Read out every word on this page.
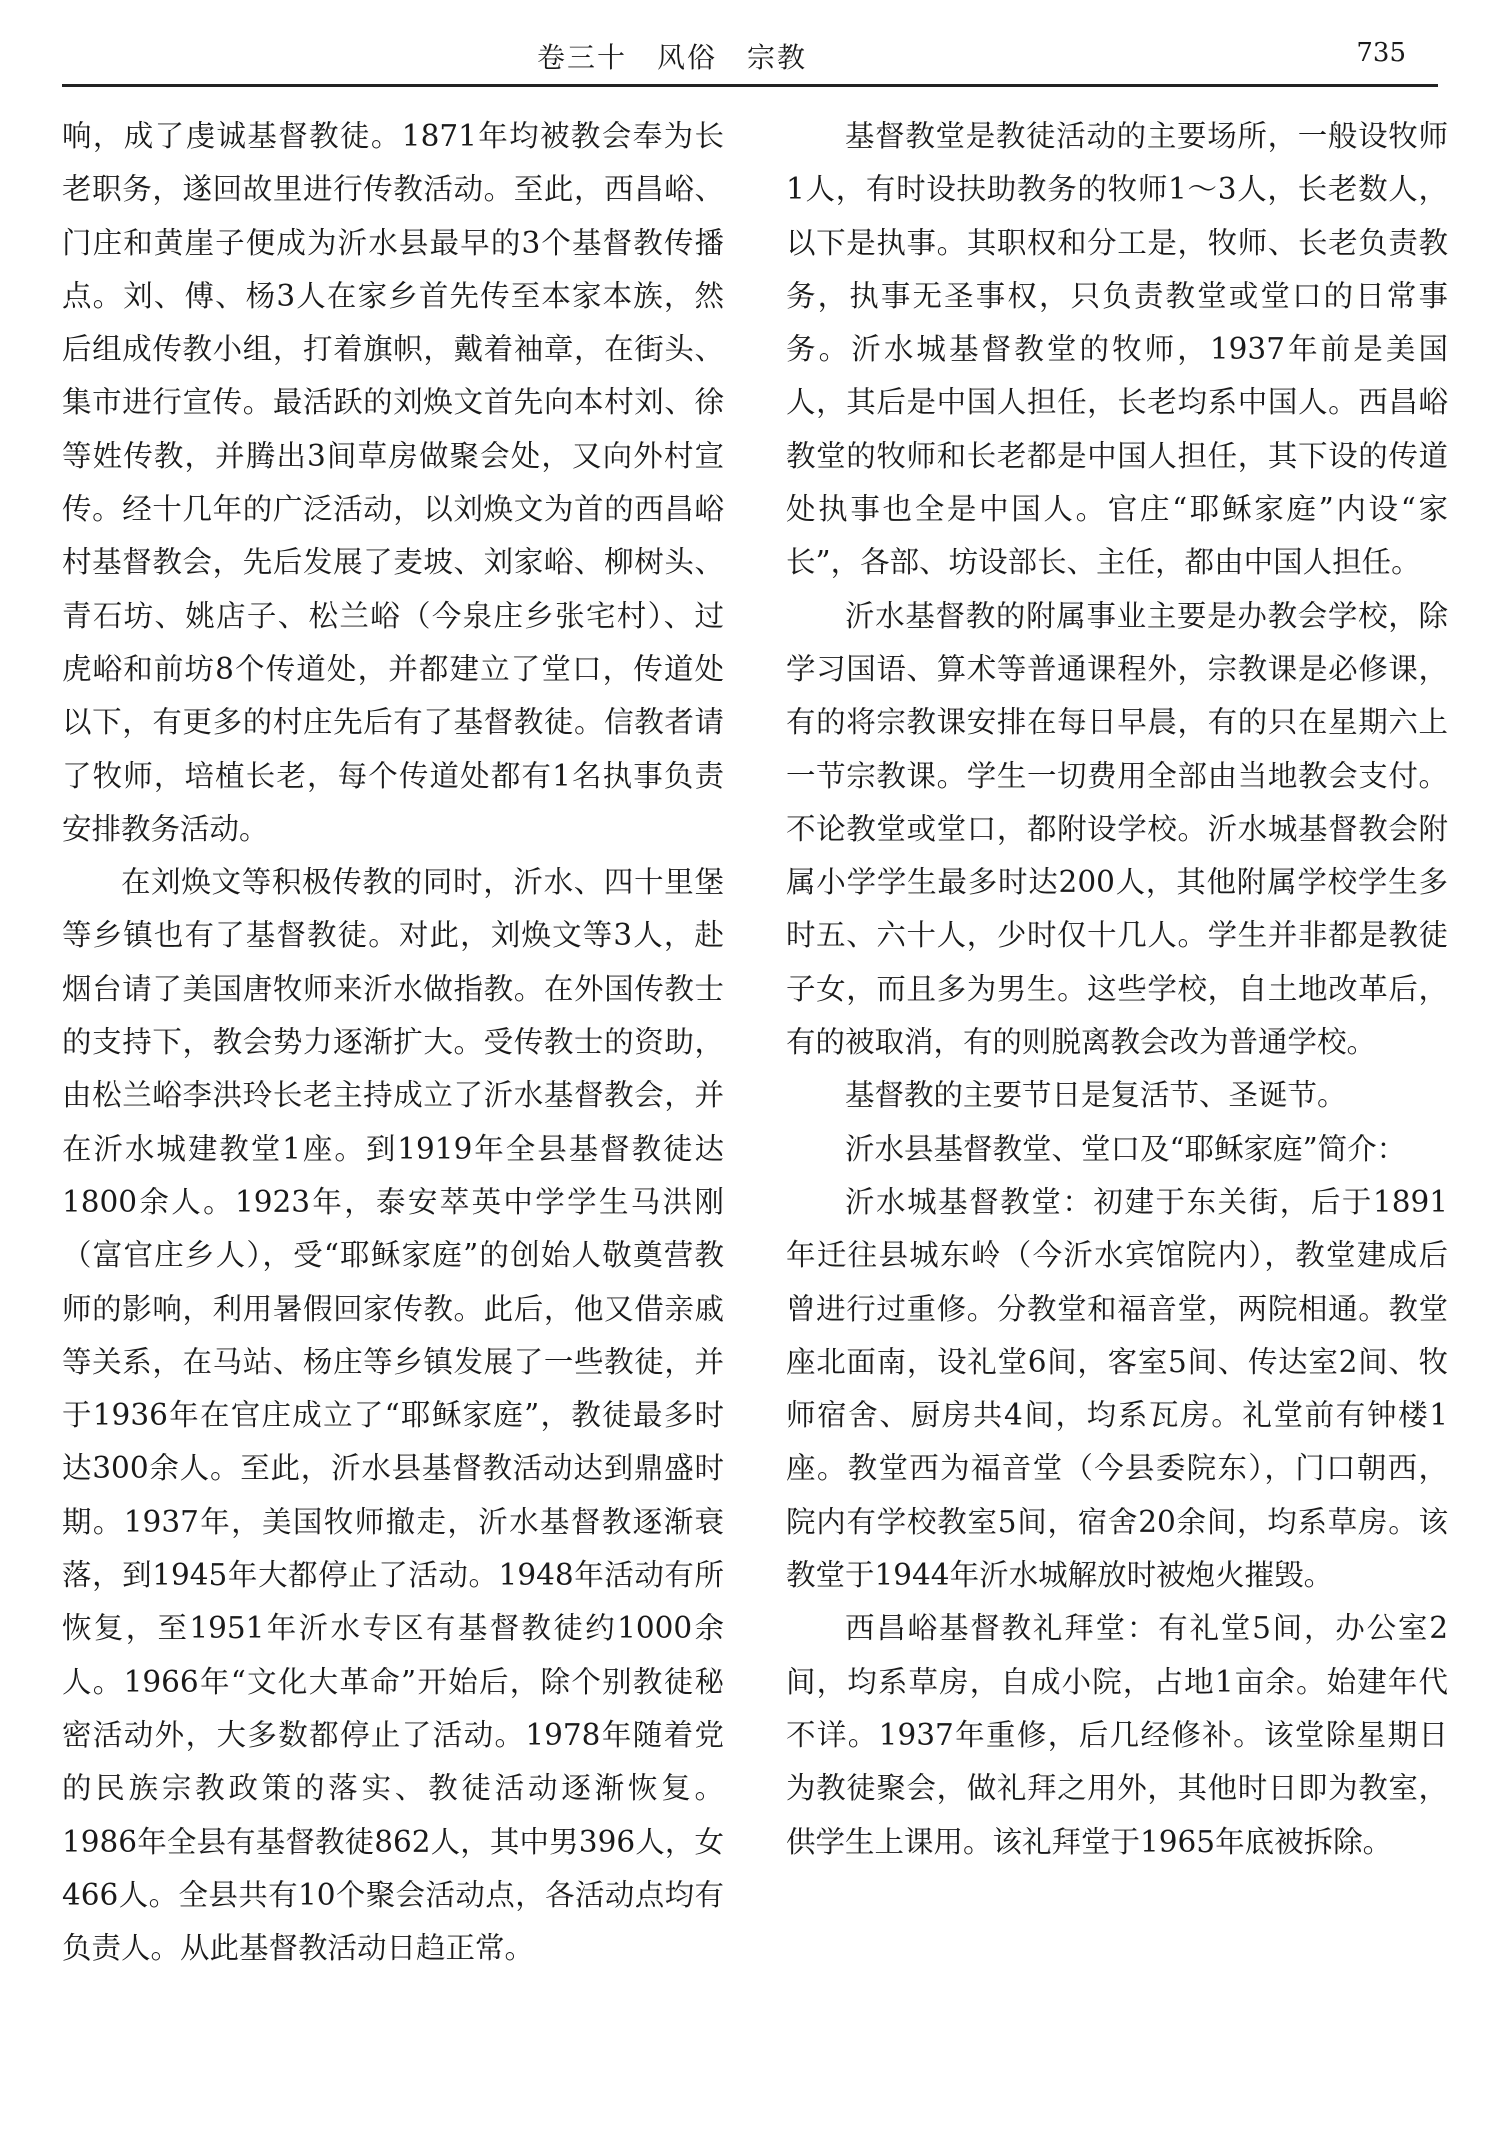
卷三十　风俗　宗教	735

响，成了虔诚基督教徒。1871年均被教会奉为长老职务，遂回故里进行传教活动。至此，西昌峪、门庄和黄崖子便成为沂水县最早的3个基督教传播点。刘、傅、杨3人在家乡首先传至本家本族，然后组成传教小组，打着旗帜，戴着袖章，在街头、集市进行宣传。最活跃的刘焕文首先向本村刘、徐等姓传教，并腾出3间草房做聚会处，又向外村宣传。经十几年的广泛活动，以刘焕文为首的西昌峪村基督教会，先后发展了麦坡、刘家峪、柳树头、青石坊、姚店子、松兰峪（今泉庄乡张宅村）、过虎峪和前坊8个传道处，并都建立了堂口，传道处以下，有更多的村庄先后有了基督教徒。信教者请了牧师，培植长老，每个传道处都有1名执事负责安排教务活动。

在刘焕文等积极传教的同时，沂水、四十里堡等乡镇也有了基督教徒。对此，刘焕文等3人，赴烟台请了美国唐牧师来沂水做指教。在外国传教士的支持下，教会势力逐渐扩大。受传教士的资助，由松兰峪李洪玲长老主持成立了沂水基督教会，并在沂水城建教堂1座。到1919年全县基督教徒达1800余人。1923年，泰安萃英中学学生马洪刚（富官庄乡人），受“耶稣家庭”的创始人敬奠营教师的影响，利用暑假回家传教。此后，他又借亲戚等关系，在马站、杨庄等乡镇发展了一些教徒，并于1936年在官庄成立了“耶稣家庭”，教徒最多时达300余人。至此，沂水县基督教活动达到鼎盛时期。1937年，美国牧师撤走，沂水基督教逐渐衰落，到1945年大都停止了活动。1948年活动有所恢复，至1951年沂水专区有基督教徒约1000余人。1966年“文化大革命”开始后，除个别教徒秘密活动外，大多数都停止了活动。1978年随着党的民族宗教政策的落实、教徒活动逐渐恢复。1986年全县有基督教徒862人，其中男396人，女466人。全县共有10个聚会活动点，各活动点均有负责人。从此基督教活动日趋正常。

基督教堂是教徒活动的主要场所，一般设牧师1人，有时设扶助教务的牧师1～3人，长老数人，以下是执事。其职权和分工是，牧师、长老负责教务，执事无圣事权，只负责教堂或堂口的日常事务。沂水城基督教堂的牧师，1937年前是美国人，其后是中国人担任，长老均系中国人。西昌峪教堂的牧师和长老都是中国人担任，其下设的传道处执事也全是中国人。官庄“耶稣家庭”内设“家长”，各部、坊设部长、主任，都由中国人担任。

沂水基督教的附属事业主要是办教会学校，除学习国语、算术等普通课程外，宗教课是必修课，有的将宗教课安排在每日早晨，有的只在星期六上一节宗教课。学生一切费用全部由当地教会支付。不论教堂或堂口，都附设学校。沂水城基督教会附属小学学生最多时达200人，其他附属学校学生多时五、六十人，少时仅十几人。学生并非都是教徒子女，而且多为男生。这些学校，自土地改革后，有的被取消，有的则脱离教会改为普通学校。

基督教的主要节日是复活节、圣诞节。

沂水县基督教堂、堂口及“耶稣家庭”简介：

沂水城基督教堂：初建于东关街，后于1891年迁往县城东岭（今沂水宾馆院内），教堂建成后曾进行过重修。分教堂和福音堂，两院相通。教堂座北面南，设礼堂6间，客室5间、传达室2间、牧师宿舍、厨房共4间，均系瓦房。礼堂前有钟楼1座。教堂西为福音堂（今县委院东），门口朝西，院内有学校教室5间，宿舍20余间，均系草房。该教堂于1944年沂水城解放时被炮火摧毁。

西昌峪基督教礼拜堂：有礼堂5间，办公室2间，均系草房，自成小院，占地1亩余。始建年代不详。1937年重修，后几经修补。该堂除星期日为教徒聚会，做礼拜之用外，其他时日即为教室，供学生上课用。该礼拜堂于1965年底被拆除。
